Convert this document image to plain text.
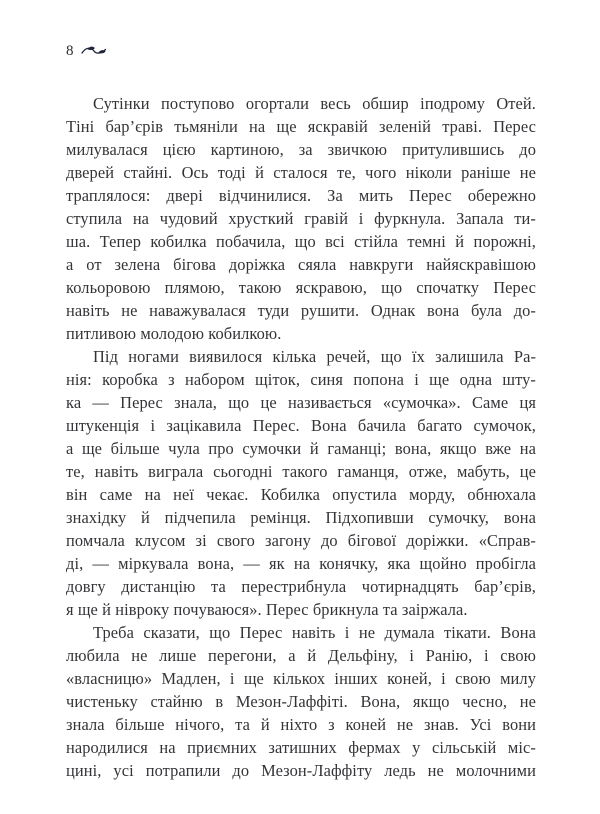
8
Сутінки поступово огортали весь обшир іподрому Отей.
Тіні бар’єрів тьмяніли на ще яскравій зеленій траві. Перес
милувалася цією картиною, за звичкою притулившись до
дверей стайні. Ось тоді й сталося те, чого ніколи раніше не
траплялося: двері відчинилися. За мить Перес обережно
ступила на чудовий хрусткий гравій і фуркнула. Запала ти-
ша. Тепер кобилка побачила, що всі стійла темні й порожні,
а от зелена бігова доріжка сяяла навкруги найяскравішою
кольоровою плямою, такою яскравою, що спочатку Перес
навіть не наважувалася туди рушити. Однак вона була до-
питливою молодою кобилкою.
Під ногами виявилося кілька речей, що їх залишила Ра-
нія: коробка з набором щіток, синя попона і ще одна шту-
ка — Перес знала, що це називається «сумочка». Саме ця
штукенція і зацікавила Перес. Вона бачила багато сумочок,
а ще більше чула про сумочки й гаманці; вона, якщо вже на
те, навіть виграла сьогодні такого гаманця, отже, мабуть, це
він саме на неї чекає. Кобилка опустила морду, обнюхала
знахідку й підчепила ремінця. Підхопивши сумочку, вона
помчала клусом зі свого загону до бігової доріжки. «Справ-
ді, — міркувала вона, — як на конячку, яка щойно пробігла
довгу дистанцію та перестрибнула чотирнадцять бар’єрів,
я ще й нівроку почуваюся». Перес брикнула та заіржала.
Треба сказати, що Перес навіть і не думала тікати. Вона
любила не лише перегони, а й Дельфіну, і Ранію, і свою
«власницю» Мадлен, і ще кількох інших коней, і свою милу
чистеньку стайню в Мезон-Лаффіті. Вона, якщо чесно, не
знала більше нічого, та й ніхто з коней не знав. Усі вони
народилися на приємних затишних фермах у сільській міс-
цині, усі потрапили до Мезон-Лаффіту ледь не молочними
